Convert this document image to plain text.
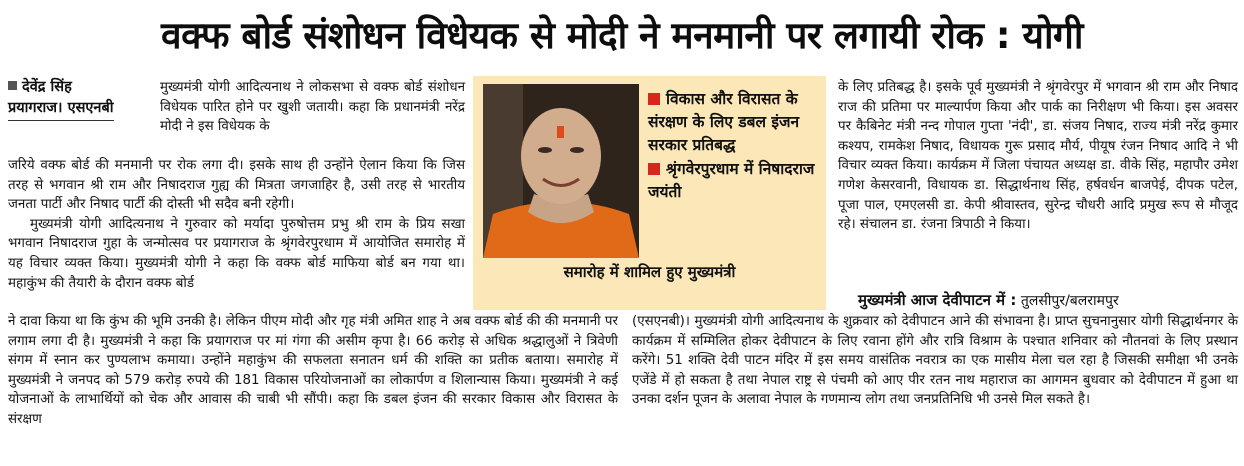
वक्फ बोर्ड संशोधन विधेयक से मोदी ने मनमानी पर लगायी रोक : योगी
देवेंद्र सिंह
प्रयागराज। एसएनबी

मुख्यमंत्री योगी आदित्यनाथ ने लोकसभा से वक्फ बोर्ड संशोधन विधेयक पारित होने पर खुशी जतायी। कहा कि प्रधानमंत्री नरेंद्र मोदी ने इस विधेयक के

जरिये वक्फ बोर्ड की मनमानी पर रोक लगा दी। इसके साथ ही उन्होंने ऐलान किया कि जिस तरह से भगवान श्री राम और निषादराज गुह्य की मित्रता जगजाहिर है, उसी तरह से भारतीय जनता पार्टी और निषाद पार्टी की दोस्ती भी सदैव बनी रहेगी।

मुख्यमंत्री योगी आदित्यनाथ ने गुरुवार को मर्यादा पुरुषोत्तम प्रभु श्री राम के प्रिय सखा भगवान निषादराज गुहा के जन्मोत्सव पर प्रयागराज के श्रृंगवेरपुरधाम में आयोजित समारोह में यह विचार व्यक्त किया। मुख्यमंत्री योगी ने कहा कि वक्फ बोर्ड माफिया बोर्ड बन गया था। महाकुंभ की तैयारी के दौरान वक्फ बोर्ड

ने दावा किया था कि कुंभ की भूमि उनकी है। लेकिन पीएम मोदी और गृह मंत्री अमित शाह ने अब वक्फ बोर्ड की की मनमानी पर लगाम लगा दी है। मुख्यमंत्री ने कहा कि प्रयागराज पर मां गंगा की असीम कृपा है। 66 करोड़ से अधिक श्रद्धालुओं ने त्रिवेणी संगम में स्नान कर पुण्यलाभ कमाया। उन्होंने महाकुंभ की सफलता सनातन धर्म की शक्ति का प्रतीक बताया। समारोह में मुख्यमंत्री ने जनपद को 579 करोड़ रुपये की 181 विकास परियोजनाओं का लोकार्पण व शिलान्यास किया। मुख्यमंत्री ने कई योजनाओं के लाभार्थियों को चेक और आवास की चाबी भी सौंपी। कहा कि डबल इंजन की सरकार विकास और विरासत के संरक्षण

विकास और विरासत के संरक्षण के लिए डबल इंजन सरकार प्रतिबद्ध

श्रृंगवेरपुरधाम में निषादराज जयंती

समारोह में शामिल हुए मुख्यमंत्री

के लिए प्रतिबद्ध है। इसके पूर्व मुख्यमंत्री ने श्रृंगवेरपुर में भगवान श्री राम और निषाद राज की प्रतिमा पर माल्यार्पण किया और पार्क का निरीक्षण भी किया। इस अवसर पर कैबिनेट मंत्री नन्द गोपाल गुप्ता 'नंदी', डा. संजय निषाद, राज्य मंत्री नरेंद्र कुमार कश्यप, रामकेश निषाद, विधायक गुरू प्रसाद मौर्य, पीयूष रंजन निषाद आदि ने भी विचार व्यक्त किया। कार्यक्रम में जिला पंचायत अध्यक्ष डा. वीके सिंह, महापौर उमेश गणेश केसरवानी, विधायक डा. सिद्धार्थनाथ सिंह, हर्षवर्धन बाजपेई, दीपक पटेल, पूजा पाल, एमएलसी डा. केपी श्रीवास्तव, सुरेन्द्र चौधरी आदि प्रमुख रूप से मौजूद रहे। संचालन डा. रंजना त्रिपाठी ने किया।

मुख्यमंत्री आज देवीपाटन में : तुलसीपुर/बलरामपुर

(एसएनबी)। मुख्यमंत्री योगी आदित्यनाथ के शुक्रवार को देवीपाटन आने की संभावना है। प्राप्त सुचनानुसार योगी सिद्धार्थनगर के कार्यक्रम में सम्मिलित होकर देवीपाटन के लिए रवाना होंगे और रात्रि विश्राम के पश्चात शनिवार को नौतनवां के लिए प्रस्थान करेंगे। 51 शक्ति देवी पाटन मंदिर में इस समय वासंतिक नवरात्र का एक मासीय मेला चल रहा है जिसकी समीक्षा भी उनके एजेंडे में हो सकता है तथा नेपाल राष्ट्र से पंचमी को आए पीर रतन नाथ महाराज का आगमन बुधवार को देवीपाटन में हुआ था उनका दर्शन पूजन के अलावा नेपाल के गणमान्य लोग तथा जनप्रतिनिधि भी उनसे मिल सकते है।
